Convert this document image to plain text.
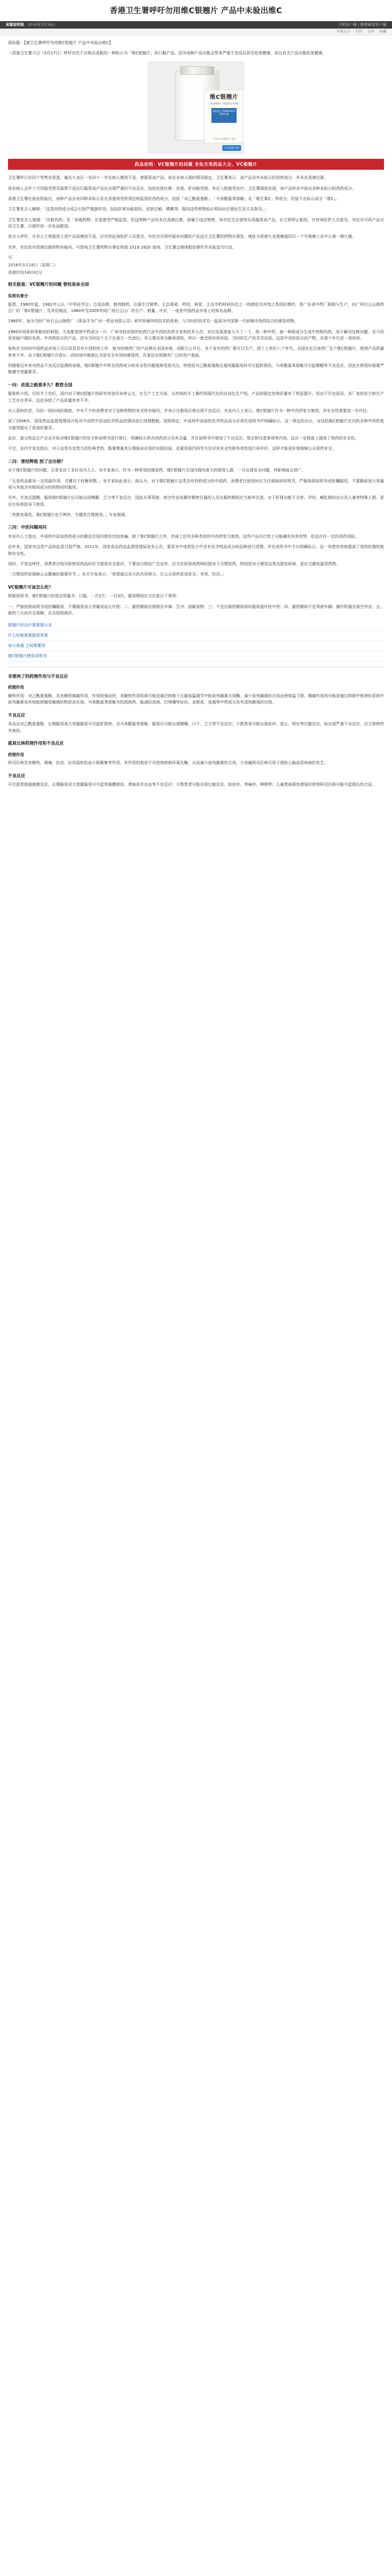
香港卫生署呼吁勿用维C银翘片 产品中未验出维C
来源说明拟 2016年3月18日	手机客户端 | 微博新闻客户端
字体大小 打印 分享 收藏

原标题：【港卫生署呼吁勿用维C银翘片 产品中未验出维C】

（香港卫生署今日（3月17日）呼吁市民不应购买或服用一种标示为「维C银翘片」的口服产品，因为该种产品可能会带来严重不良反应甚至危害健康，而且有关产品可能危害健康。

维C银翘片
VITAMIN C YINQIAO PIAN
国药准字 Z44021671 100片/瓶
广州白云山制药总厂出品
点击查看大图
药品说明：VC银翘片的问题 非处方类药品大全、VC银翘片

卫生署昨日在四个零售店获悉，遍及九龙区一名四十一岁女病人感到不适，曾服用该产品。该名女病人现时情况稳定。卫生署表示，该产品含有未标示的西药成分，并未在香港注册。

该名病人去年十月因接受胃及肠胃不适自行服用该产品后出现严重的不良反应，包括皮肤红肿、发烧、肝功能受损，其后入院接受治疗。卫生署调查发现，该产品样本中验出多种未标示的西药成分。

香港卫生署化验室检验后，该种产品含有四种未标示及在香港须受药剂法例监管的西药成分，包括「对乙酰氨基酚」、「马来酸氯苯那敏」及「维生素C」等成分，但验不出标示成分「维C」。

卫生署发言人解释：「这类西药成分或会引致严重副作用，包括肝肾功能损伤、皮肤过敏、嗜睡等。服用这些药物前必须经由注册医生处方及指导。」

卫生署发言人强调：「注册西药」及「普通药物」在香港受严格监管，但这两种产品均未在香港注册，故属于违法销售。如市民过去曾购买或服用该产品，应立即停止服用，并咨询医护人员意见。市民亦可将产品交回卫生署，以便作进一步化验跟进。

发言人呼吁，凡有人士曾服用上述产品而感到不适，应尽快征询医护人员意见。市民亦可将怀疑有问题的产品送交卫生署的药物办事处，地址为香港九龙观塘道四百一十号观塘工业中心第一期九楼。

另外，市民如对香港注册药物有疑问，可致电卫生署药物办事处热线 2319 2920 查询。卫生署会继续跟进事件并采取适当行动。

写
2016年3月18日（星期二）
香港时间14时42分
相关报道：VC银翘片的问题 曾经是命全国
实则名誉分

据悉，1960年起，1961年公认「中华医学会」合成品牌，制剂制药，注册专注销售，主治毒邪，药用、病冒，主治中药材料仿治之一的感冒灵冲剂之类的抗感药，是广东省中药厂研制与生产，由广州白云山制药总厂的「维C银翘片」及其仿制品，1960年至2005年间广州白云山厂的生产、销量、评价，一度是中国药品市场上的知名品牌。

1960年，身为当时广州白云山制药厂（现金羊为广州一药业有限公司）研究所最终的技术的张秋，与当时的技术员一起成为中国第一代研制中西药结合的感冒药物。

1960年间张秋等最初的研制，大家都觉得中药成分一片，广州市政府组织医药行业中西医医药专家和技术人员，对比成果准备大力了一下，用一种中药，被一种组成分生成中药和西药，用于解决这种问题，至今仍是家喻户晓的名药。中西药结合的产品，因为当时这个方子在南方一代流行，其主要功效为解表清热，所以一度受到市场欢迎。当时的生产技术员说到，这是中西医结合的产物，在那个年代是一项创举。

张秋在当时的中国药品市场上可以说是具有开创性的工作，他为的制药厂的产品销往全国各地，而配方公开后，多个省市的药厂都可以生产。到了上世纪八十年代，全国有近百家药厂生产维C银翘片，使得产品质量参差不齐。由于维C银翘片在很长一段时间内都被认为是安全有效的感冒药，在基层市场拥有广泛的用户基础。

但随着近年来对药品不良反应监测的加强，维C银翘片中所含西药成分的安全性问题逐渐受到关注。特别是对乙酰氨基酚在超剂量服用时可引起肝损伤，马来酸氯苯那敏可引起嗜睡等不良反应，因此在使用时需要严格遵守剂量要求。

一问：改造之路要多久？教您全国

据张秋介绍，历经半个世纪，国内对于维C银翘片的研究改造仍未停止过。在生产工艺方面，从传统的手工操作到现代化的自动化生产线，产品的稳定性和质量有了明显提升。但由于历史原因，各厂家的处方和生产工艺存在差异，这也导致了产品质量参差不齐。

出人意料的是，历经一段时间的调查，中有不少的消费者对于这种药物的安全性有疑问，并表示在服用后曾出现不良反应。有业内人士表示，维C银翘片作为一种中西药复方制剂，其安全性需要进一步评估。

到了2006年，国家药品监督管理局开始对中成药中添加化学药品的情况进行清理整顿。按照规定，中成药中添加的化学药品成分必须在说明书中明确标示。这一规定的出台，对包括维C银翘片在内的多种中西药复方制剂提出了更高的要求。

此后，部分药品生产企业开始对维C银翘片的处方和说明书进行修订，明确标示所含西药成分及其含量，并在说明书中增加了不良反应、禁忌和注意事项等内容。这在一定程度上提高了用药的安全性。

不过，业内专家也指出，对于这类历史悠久的经典老药，既要尊重其长期临床应用的实践经验，也要用现代科学方法对其安全性和有效性进行再评价，这样才能更好地保障公众用药安全。

二问：曾经辉煌 拐了会出错？

对于维C银翘片的问题，记者采访了多位业内人士。有专家表示，作为一种常用的感冒药，维C银翘片在国内拥有庞大的使用人群，一旦出现安全问题，其影响面会很广。

「凡是药品都有一定的副作用，关键在于权衡利弊。」有专家如此表示。他认为，对于维C银翘片这类含有西药成分的中成药，消费者在使用时应当仔细阅读说明书，严格按照说明书或医嘱服用，不要随意加大剂量或与其他含有相同成分的药物同时服用。

另外，专家还提醒，服用维C银翘片后可能出现嗜睡、乏力等不良反应，因此从事驾驶、高空作业或操作精密仪器的人员在服药期间应当格外注意。对于肝肾功能不全者、孕妇、哺乳期妇女以及儿童等特殊人群，更应在医师指导下使用。

「药都有毒性，维C银翘片也不例外，关键是合理使用。」专家强调。

三问：中医问题再问

有业内人士指出，中成药中添加西药成分的做法在国内曾经比较普遍。除了维C银翘片之外，市面上还有多种类似的中西药复方制剂。这些产品在疗效上可能确实有其优势，但也存在一定的用药风险。

近年来，国家对这类产品的监管日趋严格。2011年，国家食品药品监督管理局发布公告，要求对中成药处方中含有化学药品成分的品种进行清理，并在说明书中予以明确标示。这一举措有效地提高了用药的透明度和安全性。

同时，专家也呼吁，消费者在购买和使用药品时应当提高安全意识，不要盲目相信广告宣传，应当在医师或药师的指导下合理用药。特别是对于感冒这类自限性疾病，更应当避免滥用药物。

「合理用药是保障公众健康的重要环节。」有关专家表示，「希望通过各方的共同努力，让公众用药更加安全、有效、经济。」

VC银翘片可该怎么吃？

根据说明书，维C银翘片的用法用量为：口服，一次2片，一日3次。服用期间应当注意以下事项：

一、严格按照说明书或医嘱服用，不要随意加大剂量或延长疗程；二、服药期间忌烟酒及辛辣、生冷、油腻食物；三、不宜在服药期间同时服用滋补性中药；四、服药期间不宜驾驶车辆、操作机器及高空作业；五、服药三天症状无缓解，应去医院就诊。

银翘片的治疗需要提示多
什么时候需要服用效果
加与普通 之间需要用
维C银翘片使用说明书
非要两了的药理作用与不良反应
药理作用

解热作用：对乙酰氨基酚，具有解热镇痛作用，作用较强而快，其解热作用机制可能是通过抑制下丘脑体温调节中枢前列腺素合成酶，减少前列腺素的合成而使体温下降。镇痛作用则可能是通过抑制中枢神经系统中前列腺素或其他能使痛觉敏感的物质而实现。马来酸氯苯那敏为抗组胺药，能减轻流涕、打喷嚏等症状。金银花、连翘等中药成分具有清热解毒的功效。

不良反应

本品含对乙酰氨基酚，长期服用或大剂量服用可引起肝损害；含马来酸氯苯那敏，服用后可能出现嗜睡、口干、乏力等不良反应；少数患者可能出现皮疹、恶心、呕吐等过敏反应。如出现严重不良反应，应立即停药并就医。

就是比林药理作用和不良反应
药理作用

阿司匹林具有解热、镇痛、抗炎、抗风湿和抗血小板聚集等作用，其作用机制是不可逆地抑制环氧化酶，从而减少前列腺素的合成。小剂量阿司匹林可用于预防心脑血管疾病的发生。

不良反应

可引起胃肠道刺激反应，长期服用或大剂量服用可引起胃黏膜损伤、溃疡甚至出血等不良反应；少数患者可能出现过敏反应，如皮疹、荨麻疹、哮喘等；儿童患病毒性感染时使用阿司匹林可能引起瑞氏综合征。
